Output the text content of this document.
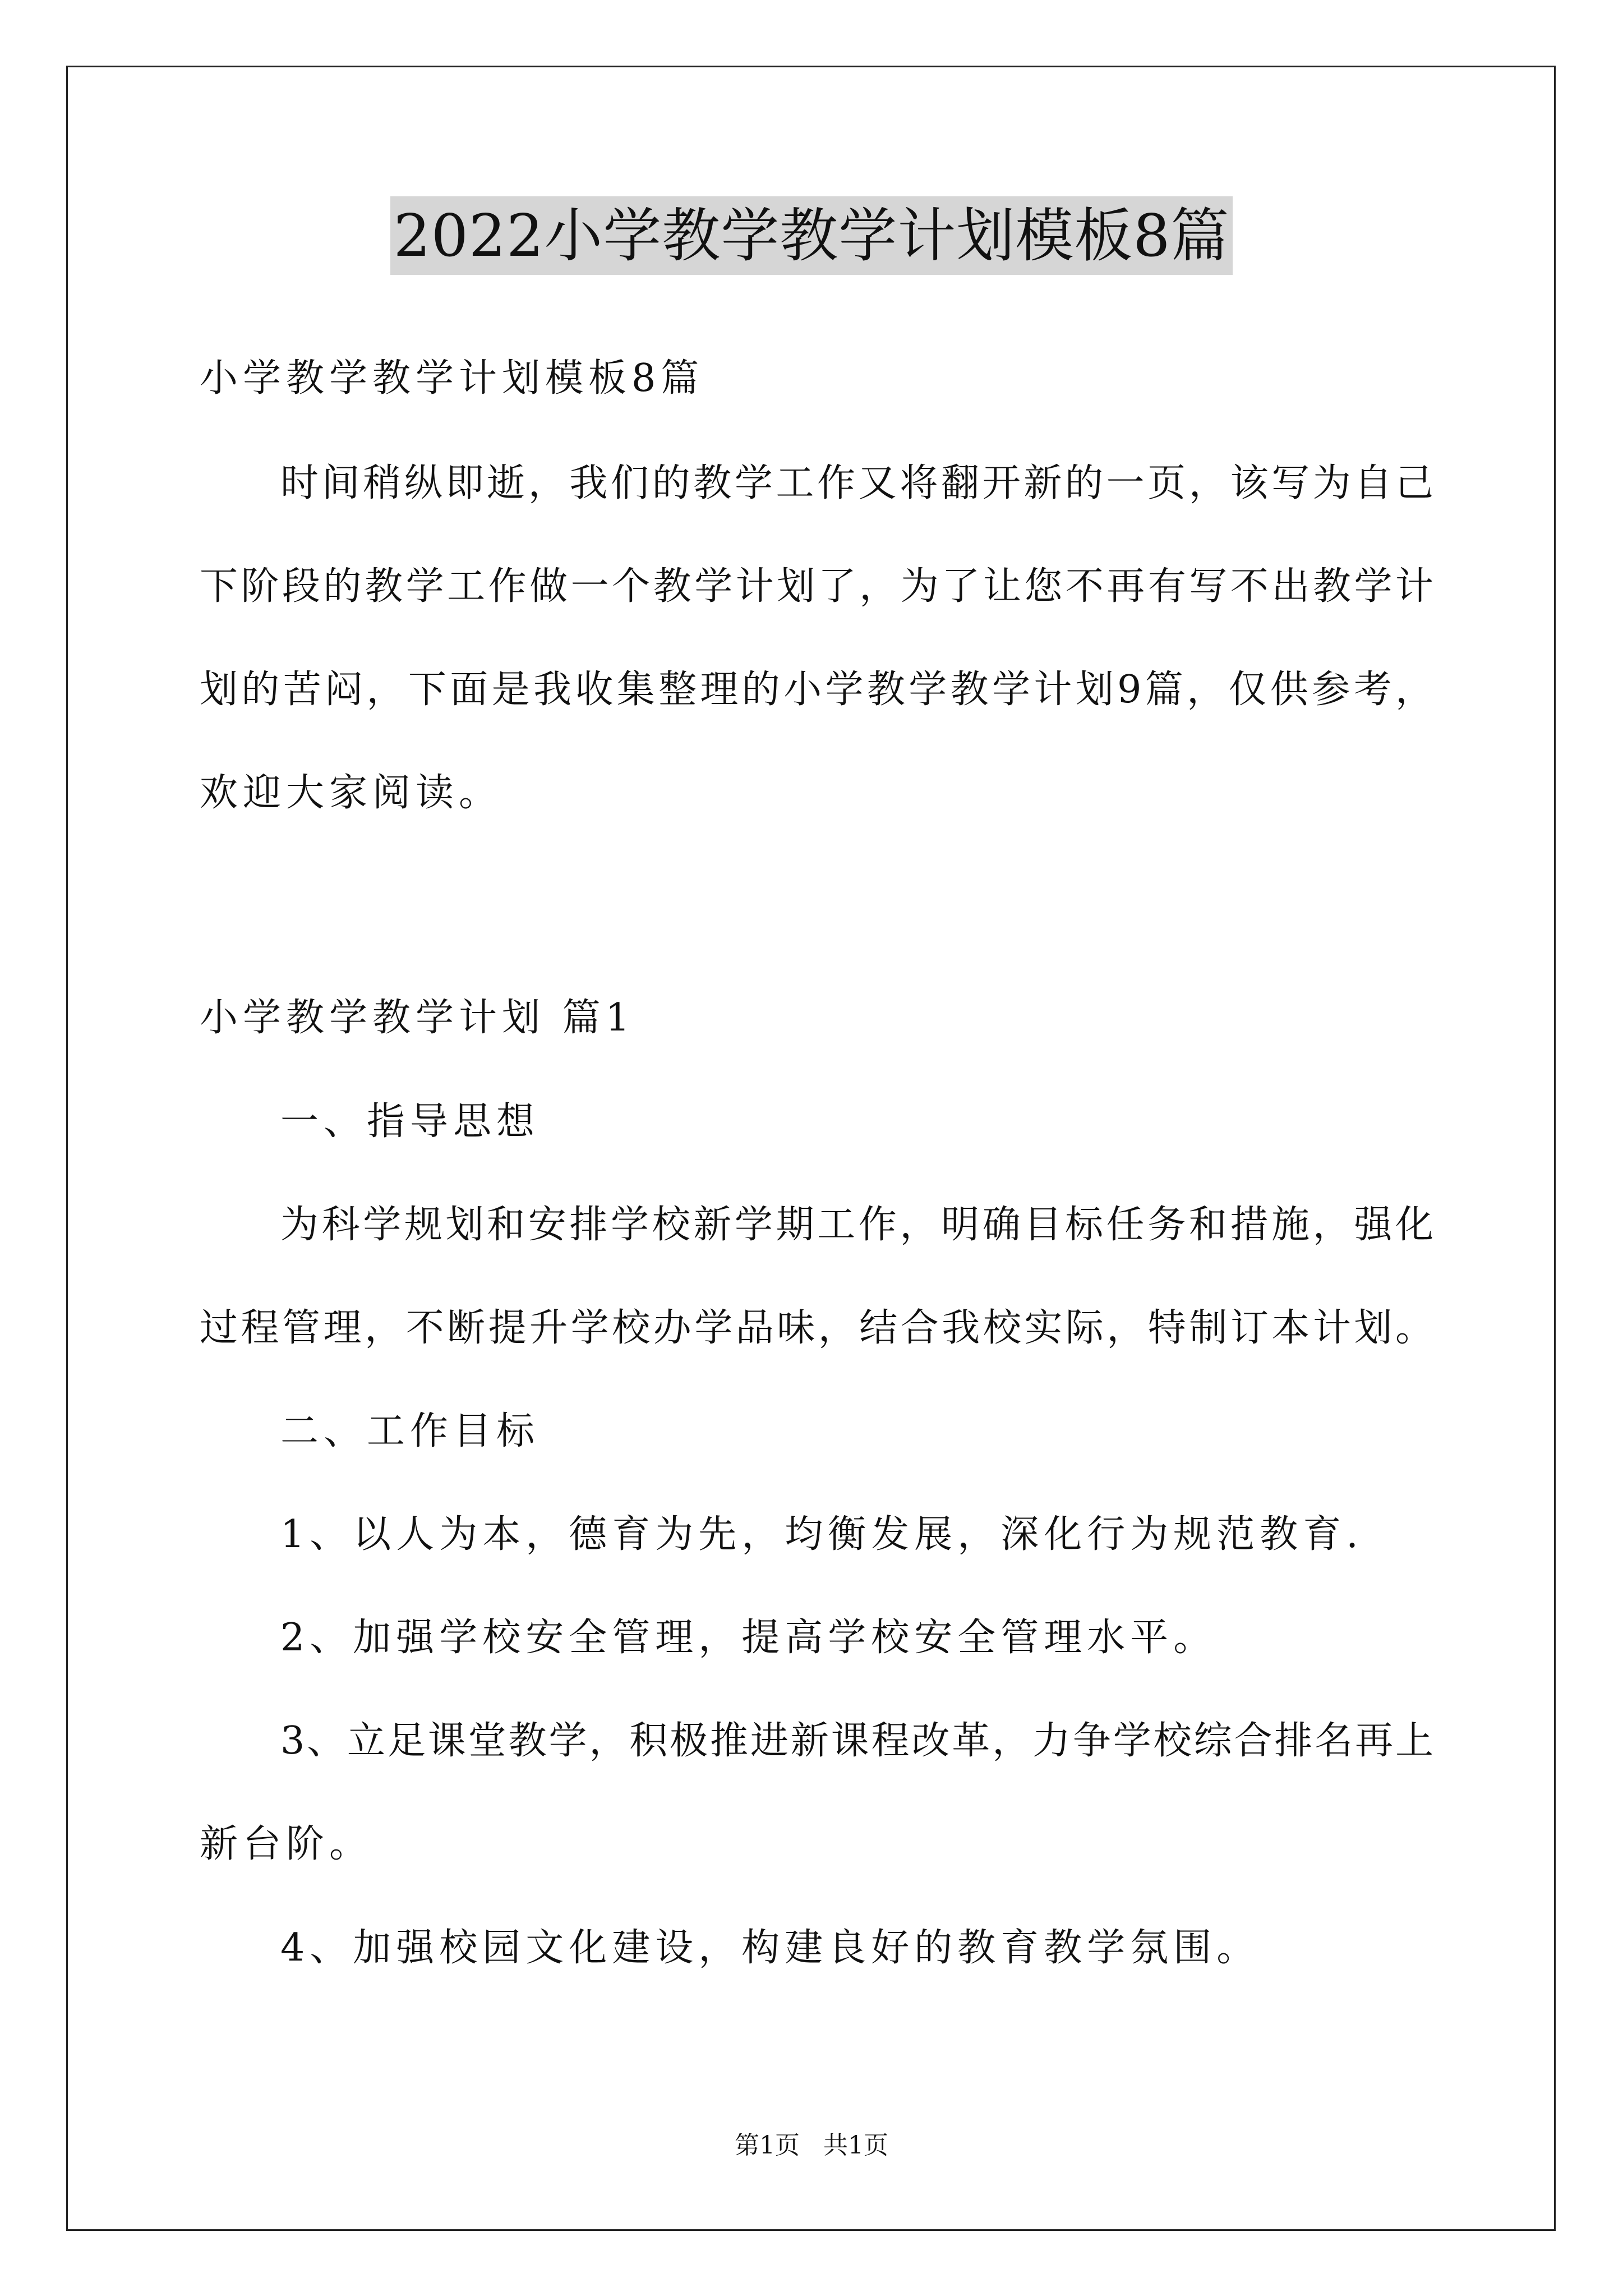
2022小学教学教学计划模板8篇
小学教学教学计划模板8篇
时间稍纵即逝，我们的教学工作又将翻开新的一页，该写为自己
下阶段的教学工作做一个教学计划了，为了让您不再有写不出教学计
划的苦闷，下面是我收集整理的小学教学教学计划9篇，仅供参考，
欢迎大家阅读。
小学教学教学计划 篇1
一、指导思想
为科学规划和安排学校新学期工作，明确目标任务和措施，强化
过程管理，不断提升学校办学品味，结合我校实际，特制订本计划。
二、工作目标
1、以人为本，德育为先，均衡发展，深化行为规范教育.
2、加强学校安全管理，提高学校安全管理水平。
3、立足课堂教学，积极推进新课程改革，力争学校综合排名再上
新台阶。
4、加强校园文化建设，构建良好的教育教学氛围。
第1页   共1页
